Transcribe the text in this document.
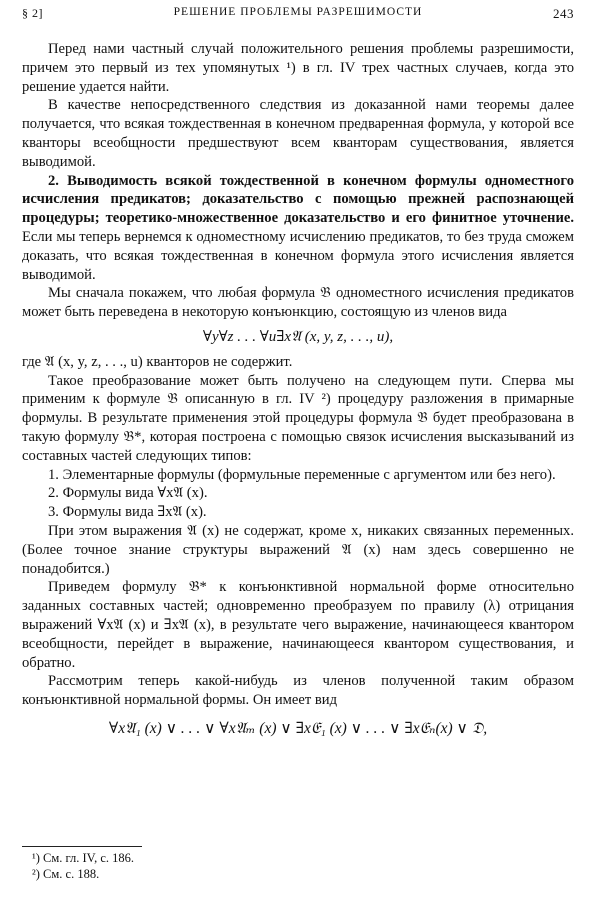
§ 2]	РЕШЕНИЕ ПРОБЛЕМЫ РАЗРЕШИМОСТИ	243

Перед нами частный случай положительного решения проблемы разрешимости, причем это первый из тех упомянутых ¹) в гл. IV трех частных случаев, когда это решение удается найти.

В качестве непосредственного следствия из доказанной нами теоремы далее получается, что всякая тождественная в конечном предваренная формула, у которой все кванторы всеобщности предшествуют всем кванторам существования, является выводимой.

2. Выводимость всякой тождественной в конечном формулы одноместного исчисления предикатов; доказательство с помощью прежней распознающей процедуры; теоретико-множественное доказательство и его финитное уточнение. Если мы теперь вернемся к одноместному исчислению предикатов, то без труда сможем доказать, что всякая тождественная в конечном формула этого исчисления является выводимой.

Мы сначала покажем, что любая формула 𝔅 одноместного исчисления предикатов может быть переведена в некоторую конъюнкцию, состоящую из членов вида

∀y∀z . . . ∀u∃x𝔄 (x, y, z, . . ., u),

где 𝔄 (x, y, z, . . ., u) кванторов не содержит.

Такое преобразование может быть получено на следующем пути. Сперва мы применим к формуле 𝔅 описанную в гл. IV ²) процедуру разложения в примарные формулы. В результате применения этой процедуры формула 𝔅 будет преобразована в такую формулу 𝔅*, которая построена с помощью связок исчисления высказываний из составных частей следующих типов:

1. Элементарные формулы (формульные переменные с аргументом или без него).

2. Формулы вида ∀x𝔄 (x).

3. Формулы вида ∃x𝔄 (x).

При этом выражения 𝔄 (x) не содержат, кроме x, никаких связанных переменных. (Более точное знание структуры выражений 𝔄 (x) нам здесь совершенно не понадобится.)

Приведем формулу 𝔅* к конъюнктивной нормальной форме относительно заданных составных частей; одновременно преобразуем по правилу (λ) отрицания выражений ∀x𝔄 (x) и ∃x𝔄 (x), в результате чего выражение, начинающееся квантором всеобщности, перейдет в выражение, начинающееся квантором существования, и обратно.

Рассмотрим теперь какой-нибудь из членов полученной таким образом конъюнктивной нормальной формы. Он имеет вид

∀x𝔄₁ (x) ∨ . . . ∨ ∀x𝔄ₘ (x) ∨ ∃x𝔈₁ (x) ∨ . . . ∨ ∃x𝔈ₙ(x) ∨ 𝔇,
¹) См. гл. IV, с. 186.
²) См. с. 188.
